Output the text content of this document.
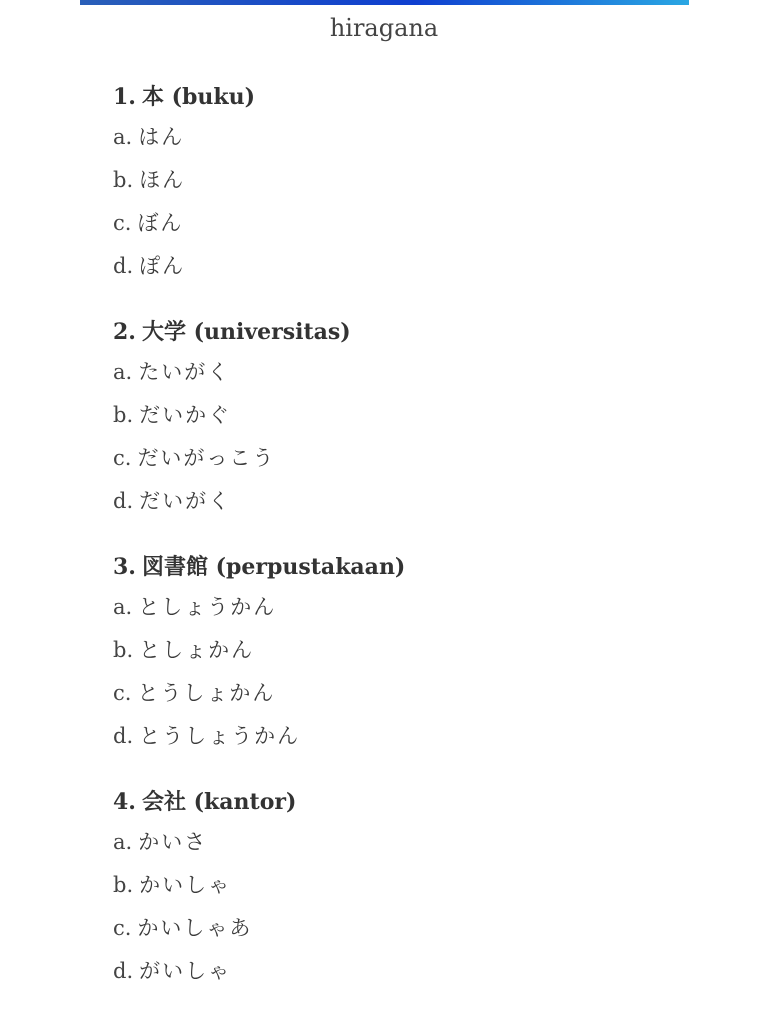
hiragana
1. 本 (buku)
a. はん
b. ほん
c. ぼん
d. ぽん
2. 大学 (universitas)
a. たいがく
b. だいかぐ
c. だいがっこう
d. だいがく
3. 図書館 (perpustakaan)
a. としょうかん
b. としょかん
c. とうしょかん
d. とうしょうかん
4. 会社 (kantor)
a. かいさ
b. かいしゃ
c. かいしゃあ
d. がいしゃ
